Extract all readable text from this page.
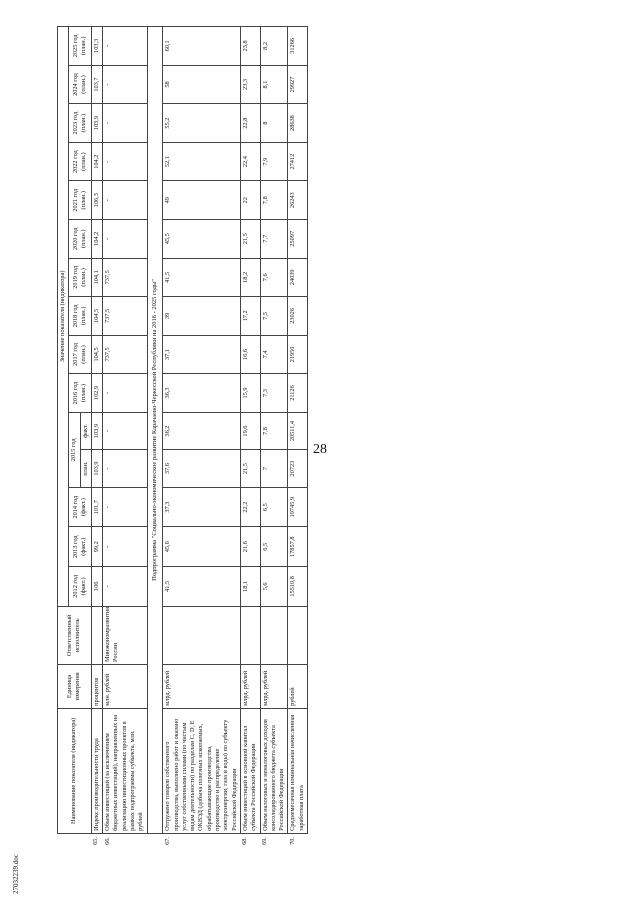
28
27032239.doc
	Наименование показателя (индикатора)	Единица измерения	Ответственный исполнитель	Значение показателя (индикатора)														
				2012 год (факт.)	2013 год (факт.)	2014 год (факт.)	2015 год		2016 год (план.)	2017 год (план.)	2018 год (план.)	2019 год (план.)	2020 год (план.)	2021 год (план.)	2022 год (план.)	2023 год (план.)	2024 год (план.)	2025 год (план.)
							план.	факт.										
65.	Индекс производительности труда	процентов		106	99,2	101,7	103,9	103,9	102,9	104,5	104,5	104,1	104,2	106,3	104,2	103,9	103,7	103,3
66.	Объем инвестиций (за исключением бюджетных инвестиций), направленных на реализацию инвестиционных проектов в рамках подпрограммы субъекта, млн. рублей	млн. рублей	Минэкономразвития России	-	-	-	-	-	-	737,5	737,5	737,5	-	-	-	-	-	-
	Подпрограмма "Социально-экономическое развитие Карачаево-Черкесской Республики на 2016 - 2025 годы"																	
67.	Отгружено товаров собственного производства, выполнено работ и оказано услуг собственными силами (по чистым видам деятельности) по разделам C, D, E ОКВЭД (добыча полезных ископаемых, обрабатывающие производства, производство и распределение электроэнергии, газа и воды) по субъекту Российской Федерации	млрд. рублей		41,5	45,6	37,3	37,6	36,2	36,3	37,1	39	41,5	45,5	49	52,1	55,2	58	60,1
68.	Объем инвестиций в основной капитал субъекта Российской Федерации	млрд. рублей		18,1	21,6	22,2	21,5	19,6	15,9	16,6	17,2	18,2	21,5	22	22,4	22,8	23,3	23,8
69.	Объем налоговых и неналоговых доходов консолидированного бюджета субъекта Российской Федерации	млрд. рублей		5,6	6,5	6,5	7	7,8	7,3	7,4	7,5	7,6	7,7	7,8	7,9	8	8,1	8,2
70.	Среднемесячная номинальная начисленная заработная плата	рублей		15510,8	17857,8	19745,9	20723	20511,4	21126	21950	23026	24039	25097	26243	27412	28638	29927	31266
